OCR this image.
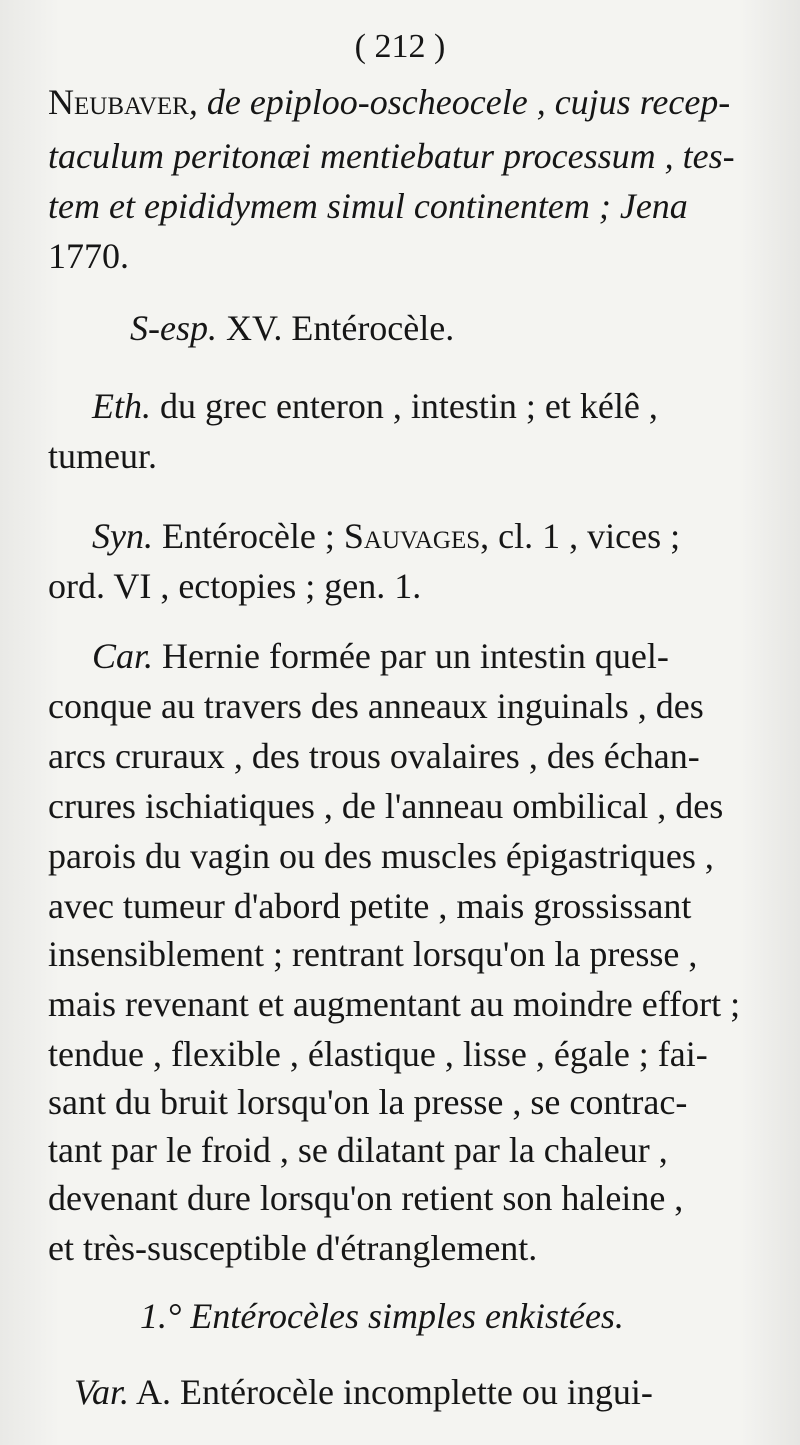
( 212 )
Neubaver, de epiploo-oscheocele , cujus recep-
taculum peritonæi mentiebatur processum , tes-
tem et epididymem simul continentem ; Jena
1770.
S-esp. XV. Entérocèle.
Eth. du grec enteron , intestin ; et kélê ,
tumeur.
Syn. Entérocèle ; Sauvages, cl. 1 , vices ;
ord. VI , ectopies ; gen. 1.
Car. Hernie formée par un intestin quel-
conque au travers des anneaux inguinals , des
arcs cruraux , des trous ovalaires , des échan-
crures ischiatiques , de l'anneau ombilical , des
parois du vagin ou des muscles épigastriques ,
avec tumeur d'abord petite , mais grossissant
insensiblement ; rentrant lorsqu'on la presse ,
mais revenant et augmentant au moindre effort ;
tendue , flexible , élastique , lisse , égale ; fai-
sant du bruit lorsqu'on la presse , se contrac-
tant par le froid , se dilatant par la chaleur ,
devenant dure lorsqu'on retient son haleine ,
et très-susceptible d'étranglement.
1.° Entérocèles simples enkistées.
Var. A. Entérocèle incomplette ou ingui-
